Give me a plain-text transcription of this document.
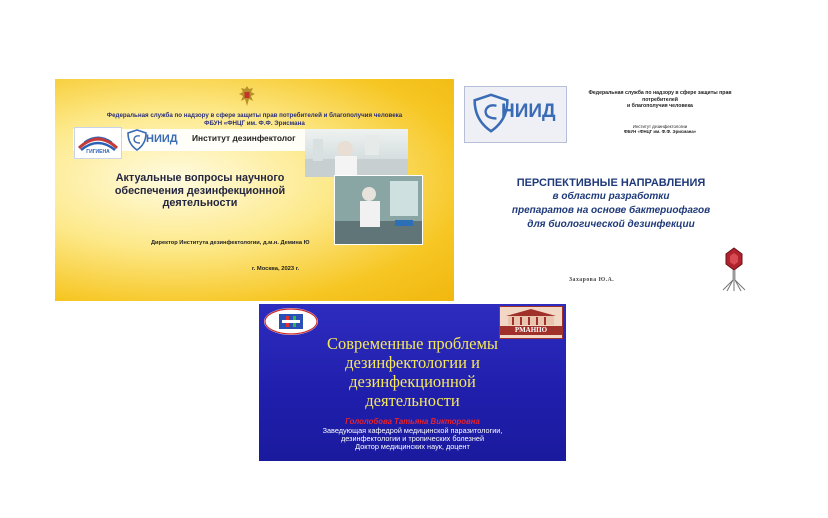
Федеральная служба по надзору в сфере защиты прав потребителей и благополучия человека
ФБУН «ФНЦГ им. Ф.Ф. Эрисмана
ГИГИЕНА
НИИД Институт дезинфектолог
Актуальные вопросы научного
обеспечения дезинфекционной
деятельности
Директор Института дезинфектологии, д.м.н. Демина Ю
г. Москва, 2023 г.
НИИД
Федеральная служба по надзору в сфере защиты прав
потребителей
и благополучия человека
Институт дезинфектологии
ФБУН «ФНЦГ им. Ф.Ф. Эрисмана»
ПЕРСПЕКТИВНЫЕ НАПРАВЛЕНИЯ
в области разработки
препаратов на основе бактериофагов
для биологической дезинфекции
Захарова Ю.А.
РМАНПО
Современные проблемы
дезинфектологии и
дезинфекционной
деятельности
Гололобова Татьяна Викторовна
Заведующая кафедрой медицинской паразитологии,
дезинфектологии и тропических болезней
Доктор медицинских наук, доцент
